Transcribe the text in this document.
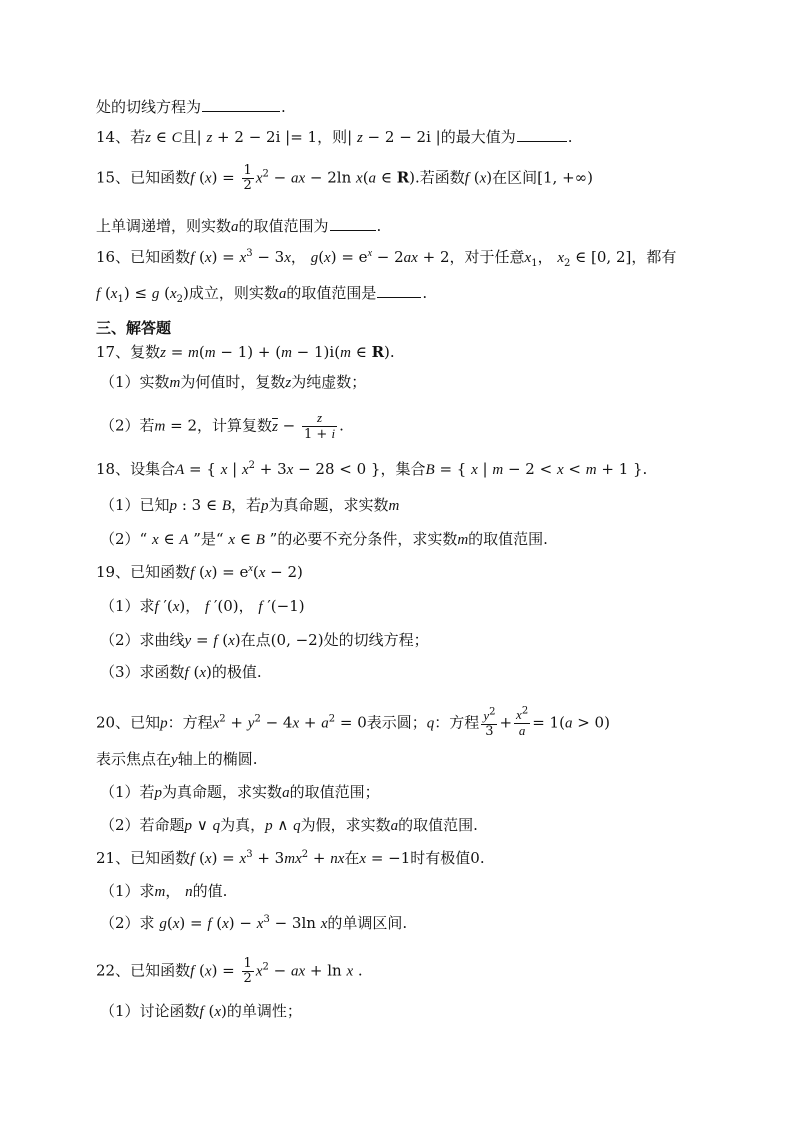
处的切线方程为	.
14、若z ∈ C且| z + 2 − 2i |= 1，则| z − 2 − 2i |的最大值为	.
15、已知函数f $(x) = \frac{1}{2} x^2$ − ax − 2ln x(a ∈ R).若函数f (x)在区间[1, +∞)
上单调递增，则实数a的取值范围为	.
16、已知函数f $(x) = x^3 - 3x$， $g(x) = e^x - 2ax + 2$，对于任意$x_1$， $x_2$ ∈ [0, 2]，都有
f $(x_1) \le g$ $(x_2)$成立，则实数a的取值范围是	.
三、解答题
17、复数z = m(m − 1) + (m − 1)i(m ∈ R).
（1）实数m为何值时，复数z为纯虚数；
（2）若m = 2，计算复数$\overline{z} - \frac{z}{1 + i}$ .
18、设集合A = { x | $x^2 + 3x - 28 < 0$ }，集合B = { x | m − 2 < x < m + 1 }.
（1）已知p : 3 ∈ B，若p为真命题，求实数m
（2）“ x ∈ A ”是“ x ∈ B ”的必要不充分条件，求实数m的取值范围.
19、已知函数f $(x) = e^x(x - 2)$
（1）求f ′(x)， f ′(0)， f ′(−1)
（2）求曲线y = f (x)在点(0, −2)处的切线方程；
（3）求函数f (x)的极值.
20、已知p：方程$x^2 + y^2 - 4x + a^2 = 0$表示圆；q：方程 $\frac{y^2}{3} + \frac{x^2}{a} = 1(a > 0)$
表示焦点在y轴上的椭圆.
（1）若p为真命题，求实数a的取值范围；
（2）若命题p ∨ q为真，p ∧ q为假，求实数a的取值范围.
21、已知函数f $(x) = x^3 + 3mx^2$ + nx在x = −1时有极值0.
（1）求m， n的值.
（2）求 g(x) = f $(x) - x^3 - 3\ln$ x的单调区间.
22、已知函数f $(x) = \frac{1}{2} x^2$ − ax + ln x .
（1）讨论函数f (x)的单调性；
